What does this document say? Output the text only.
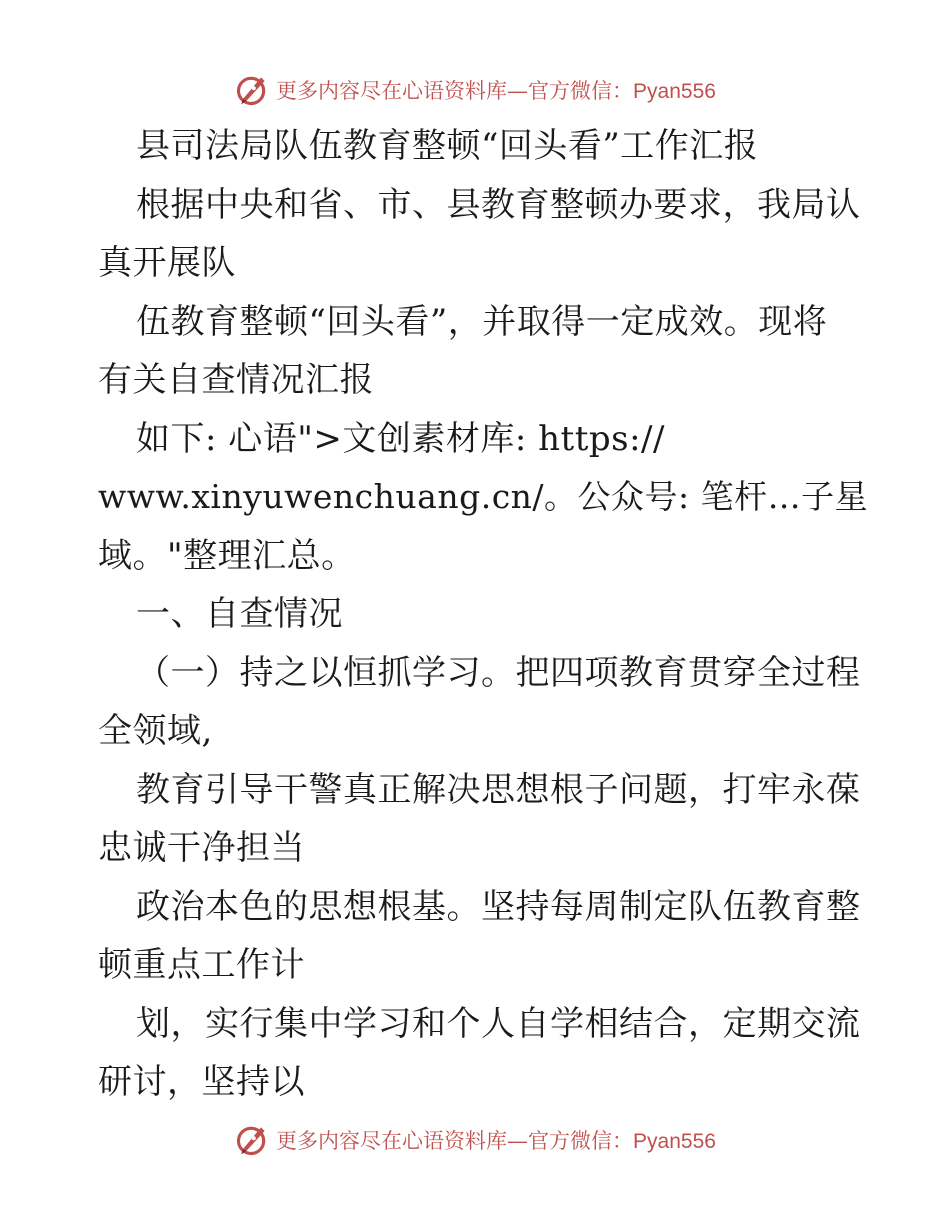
更多内容尽在心语资料库—官方微信：Pyan556
县司法局队伍教育整顿“回头看”工作汇报
根据中央和省、市、县教育整顿办要求，我局认
真开展队
伍教育整顿“回头看”，并取得一定成效。现将
有关自查情况汇报
如下: 心语">文创素材库: https://
www.xinyuwenchuang.cn/。公众号: 笔杆…子星
域。"整理汇总。
一、自查情况
（一）持之以恒抓学习。把四项教育贯穿全过程
全领域,
教育引导干警真正解决思想根子问题，打牢永葆
忠诚干净担当
政治本色的思想根基。坚持每周制定队伍教育整
顿重点工作计
划，实行集中学习和个人自学相结合，定期交流
研讨，坚持以
更多内容尽在心语资料库—官方微信：Pyan556
